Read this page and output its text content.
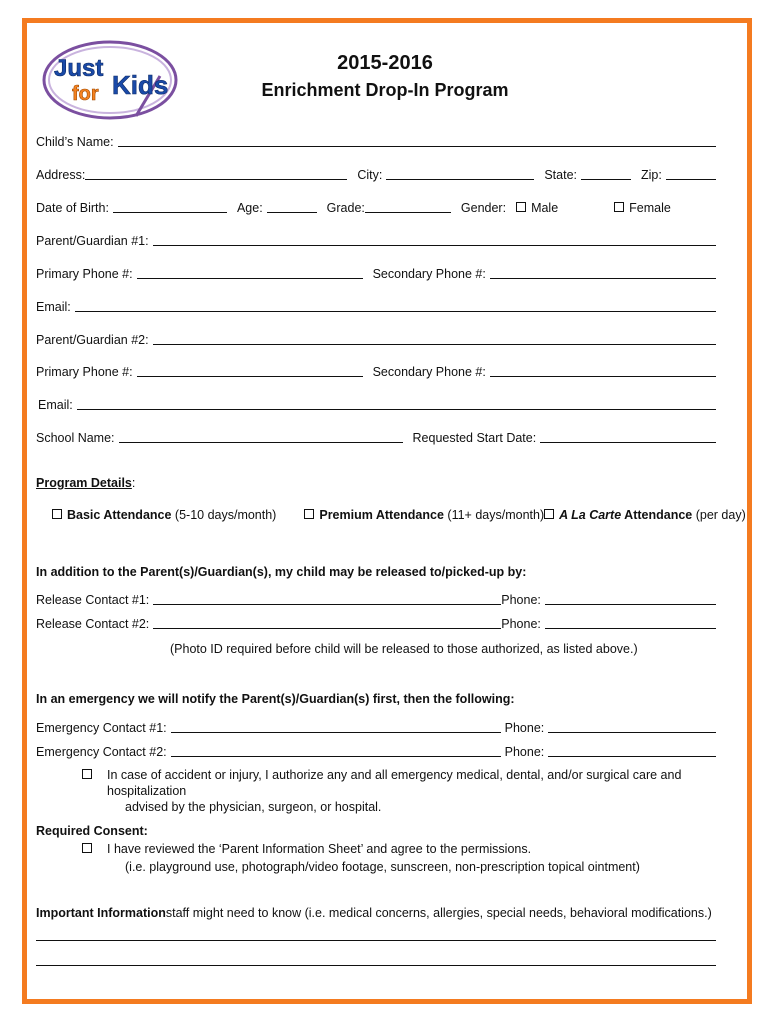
Just
for Kids
2015-2016
Enrichment Drop-In Program
Child’s Name:
Address:	City:	State:	Zip:
Date of Birth:	Age:	Grade:	Gender:	Male	Female
Parent/Guardian #1:
Primary Phone #:	Secondary Phone #:
Email:
Parent/Guardian #2:
Primary Phone #:	Secondary Phone #:
Email:
School Name:	Requested Start Date:
Program Details :
Basic Attendance (5-10 days/month)	Premium Attendance (11+ days/month)	A La Carte Attendance (per day)
In addition to the Parent(s)/Guardian(s), my child may be released to/picked-up by:
Release Contact #1:	Phone:
Release Contact #2:	Phone:
(Photo ID required before child will be released to those authorized, as listed above.)
In an emergency we will notify the Parent(s)/Guardian(s) first, then the following:
Emergency Contact #1:	Phone:
Emergency Contact #2:	Phone:
In case of accident or injury, I authorize any and all emergency medical, dental, and/or surgical care and hospitalization
advised by the physician, surgeon, or hospital.
Required Consent:
I have reviewed the ‘Parent Information Sheet’ and agree to the permissions.
(i.e. playground use, photograph/video footage, sunscreen, non-prescription topical ointment)
Important Information staff might need to know (i.e. medical concerns, allergies, special needs, behavioral modifications.)
